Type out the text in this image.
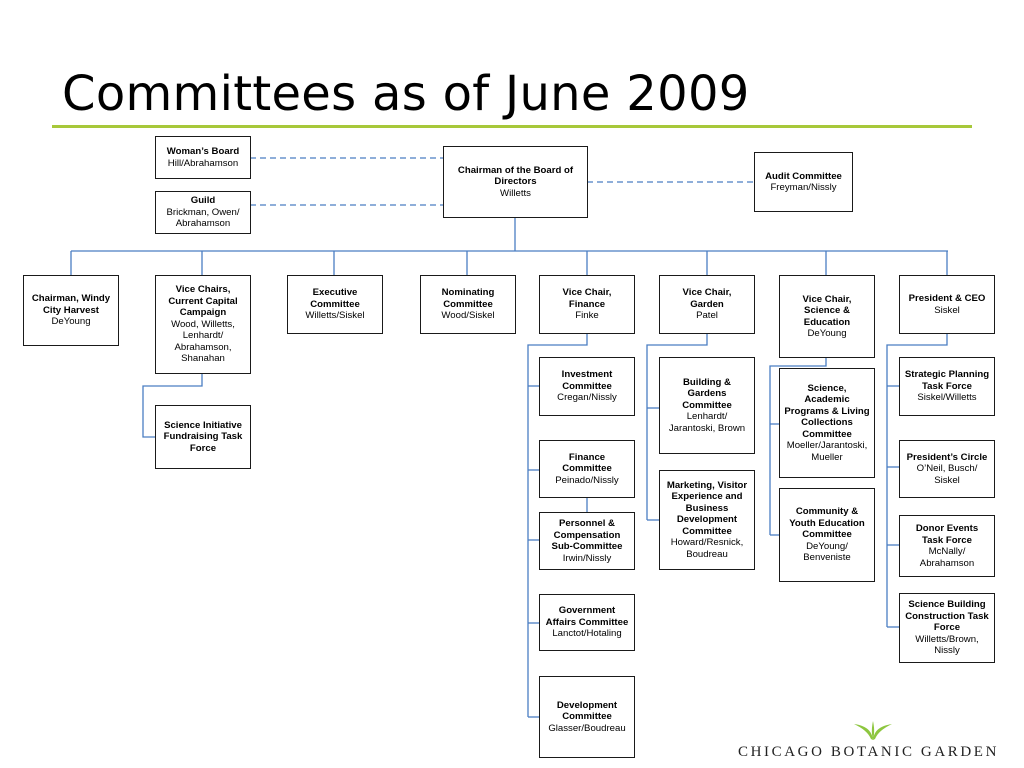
Committees as of June 2009
Woman’s Board
Hill/Abrahamson
Guild
Brickman, Owen/
Abrahamson
Chairman of the Board of
Directors
Willetts
Audit Committee
Freyman/Nissly
Chairman, Windy
City Harvest
DeYoung
Vice Chairs,
Current Capital
Campaign
Wood, Willetts,
Lenhardt/
Abrahamson,
Shanahan
Executive
Committee
Willetts/Siskel
Nominating
Committee
Wood/Siskel
Vice Chair,
Finance
Finke
Vice Chair,
Garden
Patel
Vice Chair,
Science &
Education
DeYoung
President & CEO
Siskel
Science Initiative
Fundraising Task
Force
Investment
Committee
Cregan/Nissly
Finance
Committee
Peinado/Nissly
Personnel &
Compensation
Sub-Committee
Irwin/Nissly
Government
Affairs Committee
Lanctot/Hotaling
Development
Committee
Glasser/Boudreau
Building &
Gardens
Committee
Lenhardt/
Jarantoski, Brown
Marketing, Visitor
Experience and
Business
Development
Committee
Howard/Resnick,
Boudreau
Science,
Academic
Programs & Living
Collections
Committee
Moeller/Jarantoski,
Mueller
Community &
Youth Education
Committee
DeYoung/
Benveniste
Strategic Planning
Task Force
Siskel/Willetts
President’s Circle
O’Neil, Busch/
Siskel
Donor Events
Task Force
McNally/
Abrahamson
Science Building
Construction Task
Force
Willetts/Brown,
Nissly
CHICAGO BOTANIC GARDEN
